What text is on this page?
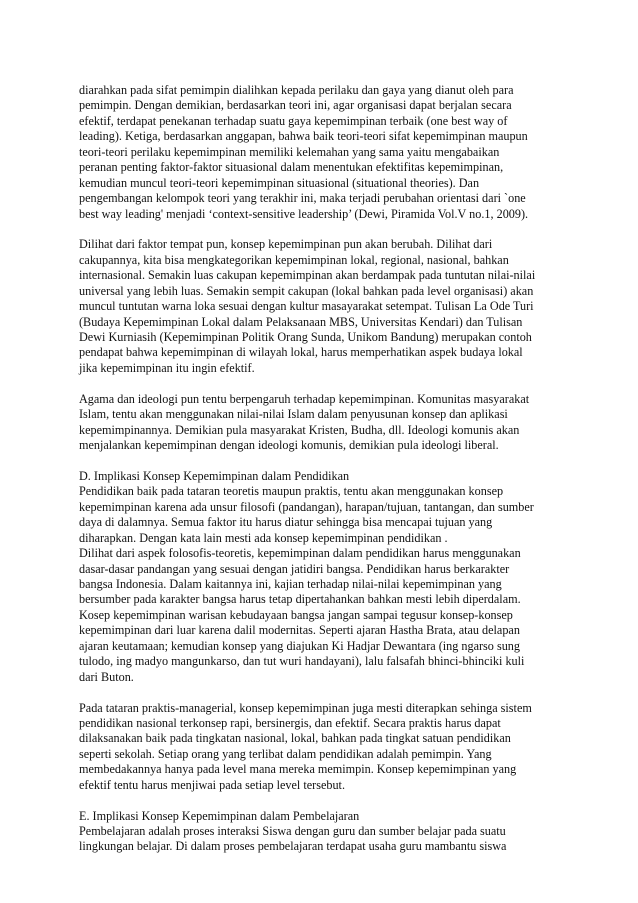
diarahkan pada sifat pemimpin dialihkan kepada perilaku dan gaya yang dianut oleh para
pemimpin. Dengan demikian, berdasarkan teori ini, agar organisasi dapat berjalan secara
efektif, terdapat penekanan terhadap suatu gaya kepemimpinan terbaik (one best way of
leading). Ketiga, berdasarkan anggapan, bahwa baik teori-teori sifat kepemimpinan maupun
teori-teori perilaku kepemimpinan memiliki kelemahan yang sama yaitu mengabaikan
peranan penting faktor-faktor situasional dalam menentukan efektifitas kepemimpinan,
kemudian muncul teori-teori kepemimpinan situasional (situational theories). Dan
pengembangan kelompok teori yang terakhir ini, maka terjadi perubahan orientasi dari `one
best way leading' menjadi ‘context-sensitive leadership’ (Dewi, Piramida Vol.V no.1, 2009).
Dilihat dari faktor tempat pun, konsep kepemimpinan pun akan berubah. Dilihat dari
cakupannya, kita bisa mengkategorikan kepemimpinan lokal, regional, nasional, bahkan
internasional. Semakin luas cakupan kepemimpinan akan berdampak pada tuntutan nilai-nilai
universal yang lebih luas. Semakin sempit cakupan (lokal bahkan pada level organisasi) akan
muncul tuntutan warna loka sesuai dengan kultur masayarakat setempat. Tulisan La Ode Turi
(Budaya Kepemimpinan Lokal dalam Pelaksanaan MBS, Universitas Kendari) dan Tulisan
Dewi Kurniasih (Kepemimpinan Politik Orang Sunda, Unikom Bandung) merupakan contoh
pendapat bahwa kepemimpinan di wilayah lokal, harus memperhatikan aspek budaya lokal
jika kepemimpinan itu ingin efektif.
Agama dan ideologi pun tentu berpengaruh terhadap kepemimpinan. Komunitas masyarakat
Islam, tentu akan menggunakan nilai-nilai Islam dalam penyusunan konsep dan aplikasi
kepemimpinannya. Demikian pula masyarakat Kristen, Budha, dll. Ideologi komunis akan
menjalankan kepemimpinan dengan ideologi komunis, demikian pula ideologi liberal.
D. Implikasi Konsep Kepemimpinan dalam Pendidikan
Pendidikan baik pada tataran teoretis maupun praktis, tentu akan menggunakan konsep
kepemimpinan karena ada unsur filosofi (pandangan), harapan/tujuan, tantangan, dan sumber
daya di dalamnya. Semua faktor itu harus diatur sehingga bisa mencapai tujuan yang
diharapkan. Dengan kata lain mesti ada konsep kepemimpinan pendidikan .
Dilihat dari aspek folosofis-teoretis, kepemimpinan dalam pendidikan harus menggunakan
dasar-dasar pandangan yang sesuai dengan jatidiri bangsa. Pendidikan harus berkarakter
bangsa Indonesia. Dalam kaitannya ini, kajian terhadap nilai-nilai kepemimpinan yang
bersumber pada karakter bangsa harus tetap dipertahankan bahkan mesti lebih diperdalam.
Kosep kepemimpinan warisan kebudayaan bangsa jangan sampai tegusur konsep-konsep
kepemimpinan dari luar karena dalil modernitas. Seperti ajaran Hastha Brata, atau delapan
ajaran keutamaan; kemudian konsep yang diajukan Ki Hadjar Dewantara (ing ngarso sung
tulodo, ing madyo mangunkarso, dan tut wuri handayani), lalu falsafah bhinci-bhinciki kuli
dari Buton.
Pada tataran praktis-managerial, konsep kepemimpinan juga mesti diterapkan sehinga sistem
pendidikan nasional terkonsep rapi, bersinergis, dan efektif. Secara praktis harus dapat
dilaksanakan baik pada tingkatan nasional, lokal, bahkan pada tingkat satuan pendidikan
seperti sekolah. Setiap orang yang terlibat dalam pendidikan adalah pemimpin. Yang
membedakannya hanya pada level mana mereka memimpin. Konsep kepemimpinan yang
efektif tentu harus menjiwai pada setiap level tersebut.
E. Implikasi Konsep Kepemimpinan dalam Pembelajaran
Pembelajaran adalah proses interaksi Siswa dengan guru dan sumber belajar pada suatu
lingkungan belajar. Di dalam proses pembelajaran terdapat usaha guru mambantu siswa
